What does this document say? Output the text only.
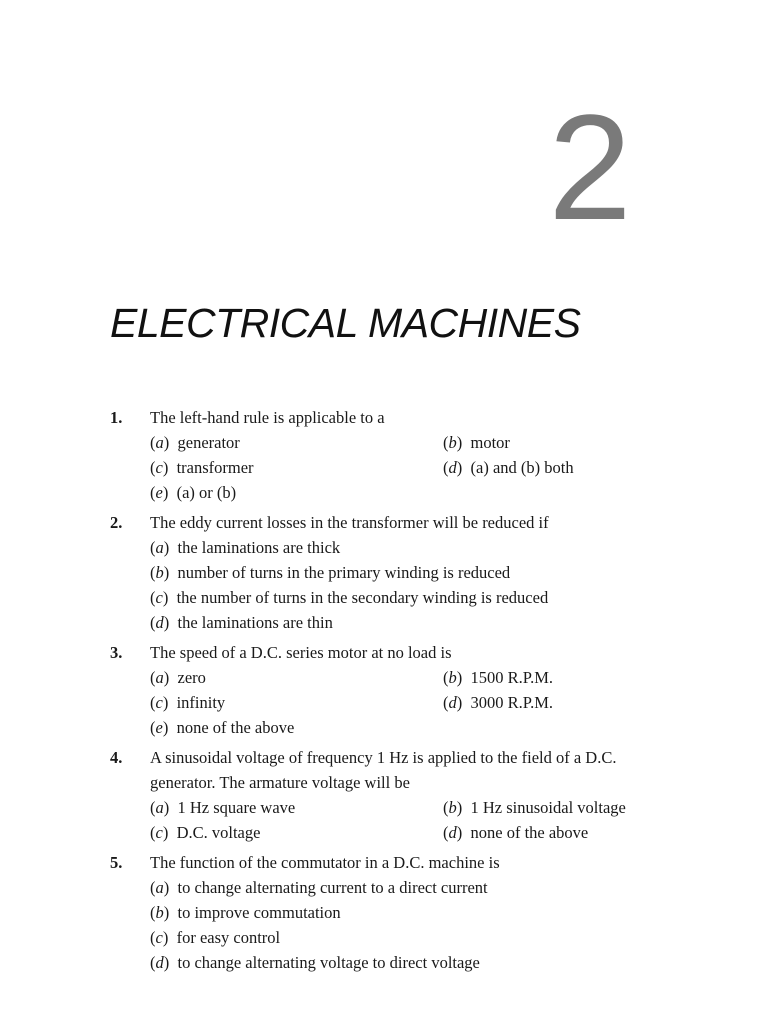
2
ELECTRICAL MACHINES
1. The left-hand rule is applicable to a
(a)  generator	(b)  motor
(c)  transformer	(d)  (a) and (b) both
(e)  (a) or (b)
2. The eddy current losses in the transformer will be reduced if
(a)  the laminations are thick
(b)  number of turns in the primary winding is reduced
(c)  the number of turns in the secondary winding is reduced
(d)  the laminations are thin
3. The speed of a D.C. series motor at no load is
(a)  zero	(b)  1500 R.P.M.
(c)  infinity	(d)  3000 R.P.M.
(e)  none of the above
4. A sinusoidal voltage of frequency 1 Hz is applied to the field of a D.C. generator. The armature voltage will be
(a)  1 Hz square wave	(b)  1 Hz sinusoidal voltage
(c)  D.C. voltage	(d)  none of the above
5. The function of the commutator in a D.C. machine is
(a)  to change alternating current to a direct current
(b)  to improve commutation
(c)  for easy control
(d)  to change alternating voltage to direct voltage
